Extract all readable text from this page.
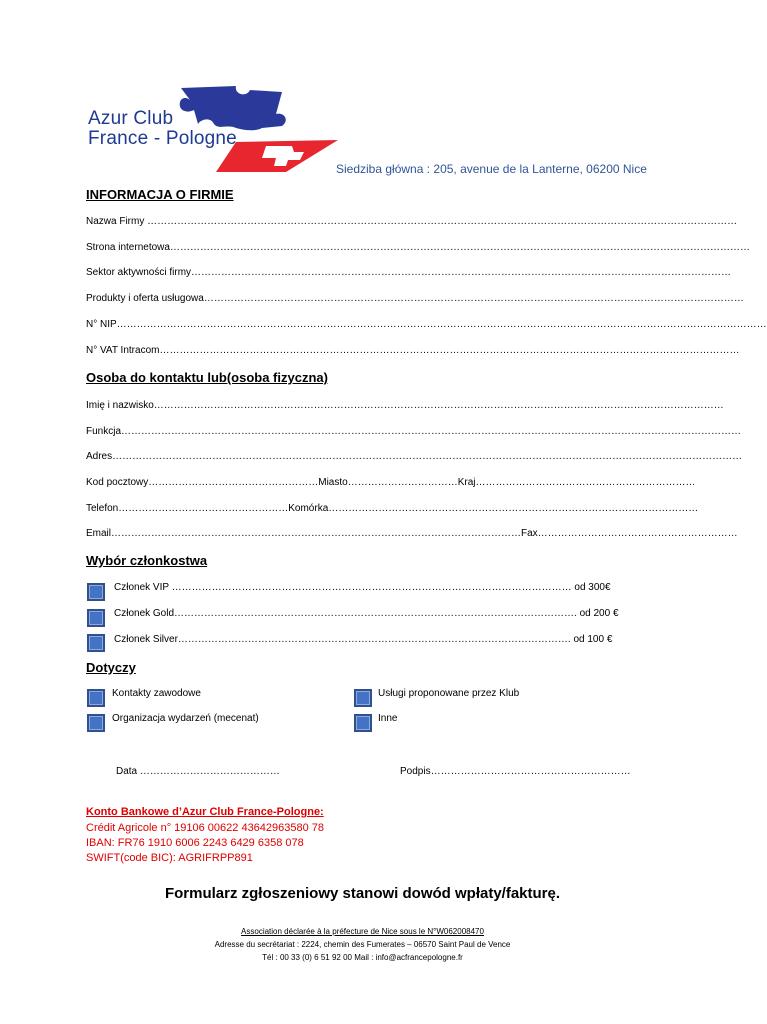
Azur Club
France - Pologne
Siedziba główna : 205, avenue de la Lanterne, 06200 Nice
INFORMACJA O FIRMIE
Nazwa Firmy ……………………………………………………………………………………………………………………………………………………………
Strona internetowa…………………………………………………………………………………………………………………………………………………………
Sektor aktywności firmy………………………………………………………………………………………………………………………………………………
Produkty i oferta usługowa………………………………………………………………………………………………………………………………………………
N° NIP……………………………………………………………………………………………………………………………………………………………………………
N° VAT Intracom…………………………………………………………………………………………………………………………………………………………
Osoba do kontaktu lub(osoba fizyczna)
Imię i nazwisko………………………………………………………………………………………………………………………………………………………
Funkcja……………………………………………………………………………………………………………………………………………………………………
Adres………………………………………………………………………………………………………………………………………………………………………
Kod pocztowy……………………………………………Miasto……………………………Kraj…………………………………………………………
Telefon……………………………………………Komórka…………………………………………………………………………………………………
Email……………………………………………………………………………………………………………Fax……………………………………………………
Wybór członkostwa
Członek VIP ………………………………………………………………………………………………………… od 300€
Członek Gold…………………………………………………………………………………………………………. od 200 €
Członek Silver………………………………………………………………………………………………………. od 100 €
Dotyczy
Kontakty zawodowe
Organizacja wydarzeń (mecenat)
Usługi proponowane przez Klub
Inne
Data ……………………………………	Podpis……………………………………………………
Konto Bankowe d’Azur Club France-Pologne:
Crédit Agricole n° 19106 00622 43642963580 78
IBAN: FR76 1910 6006 2243 6429 6358 078
SWIFT(code BIC): AGRIFRPP891
Formularz zgłoszeniowy stanowi dowód wpłaty/fakturę.
Association déclarée à la préfecture de Nice sous le N°W062008470
Adresse du secrétariat : 2224, chemin des Fumerates – 06570 Saint Paul de Vence
Tél : 00 33 (0) 6 51 92 00 Mail : info@acfrancepologne.fr
